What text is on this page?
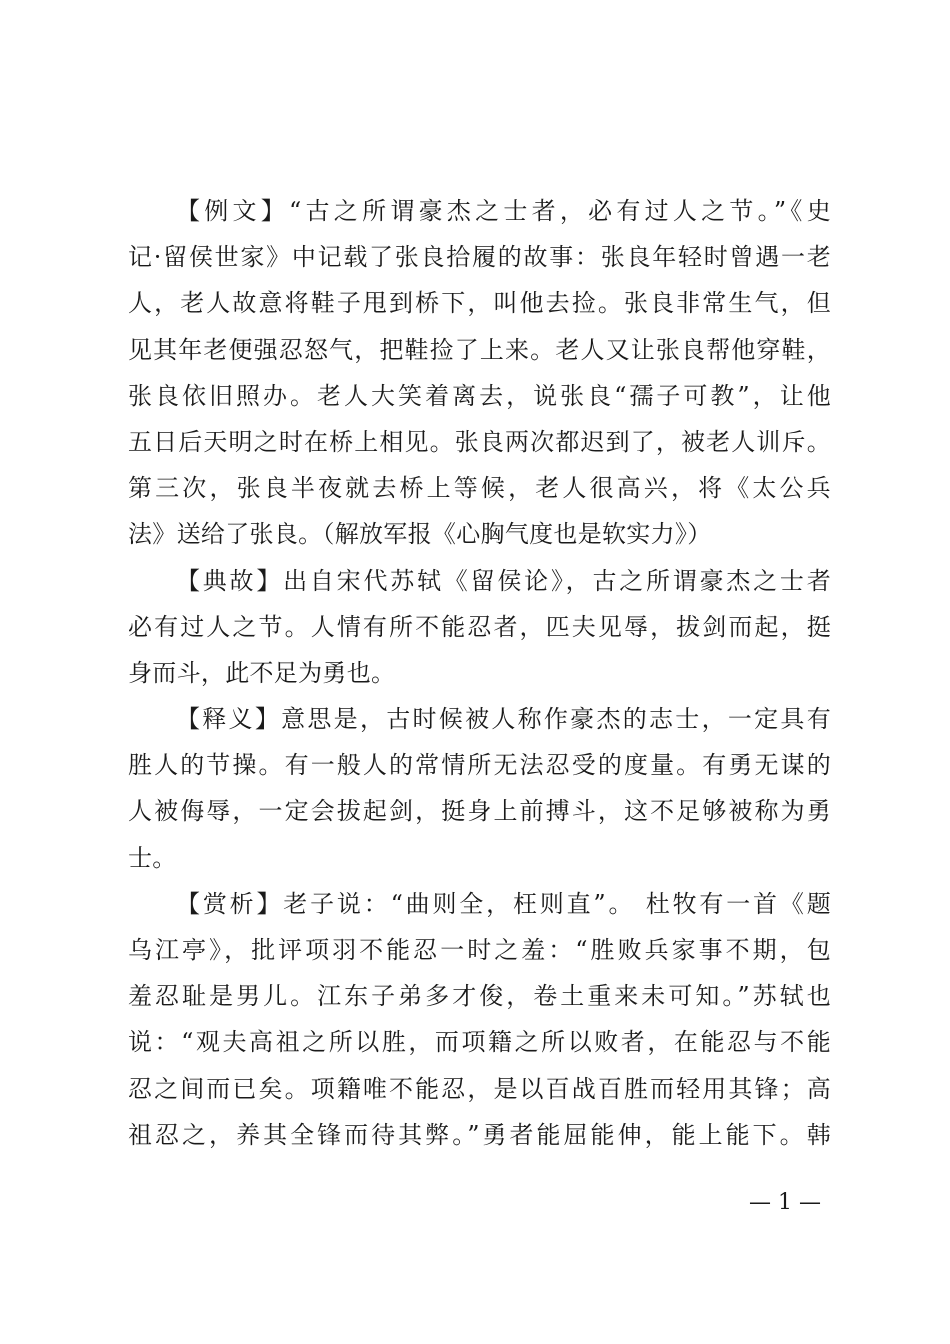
【例文】“古之所谓豪杰之士者，必有过人之节。”《史
记·留侯世家》中记载了张良拾履的故事：张良年轻时曾遇一老
人，老人故意将鞋子甩到桥下，叫他去捡。张良非常生气，但
见其年老便强忍怒气，把鞋捡了上来。老人又让张良帮他穿鞋，
张良依旧照办。老人大笑着离去，说张良“孺子可教”，让他
五日后天明之时在桥上相见。张良两次都迟到了，被老人训斥。
第三次，张良半夜就去桥上等候，老人很高兴，将《太公兵
法》送给了张良。（解放军报《心胸气度也是软实力》）
【典故】出自宋代苏轼《留侯论》，古之所谓豪杰之士者
必有过人之节。人情有所不能忍者，匹夫见辱，拔剑而起，挺
身而斗，此不足为勇也。
【释义】意思是，古时候被人称作豪杰的志士，一定具有
胜人的节操。有一般人的常情所无法忍受的度量。有勇无谋的
人被侮辱，一定会拔起剑，挺身上前搏斗，这不足够被称为勇
士。
【赏析】老子说：“曲则全，枉则直”。 杜牧有一首《题
乌江亭》，批评项羽不能忍一时之羞：“胜败兵家事不期，包
羞忍耻是男儿。江东子弟多才俊，卷土重来未可知。”苏轼也
说：“观夫高祖之所以胜，而项籍之所以败者，在能忍与不能
忍之间而已矣。项籍唯不能忍，是以百战百胜而轻用其锋；高
祖忍之，养其全锋而待其弊。”勇者能屈能伸，能上能下。韩
— 1 —
